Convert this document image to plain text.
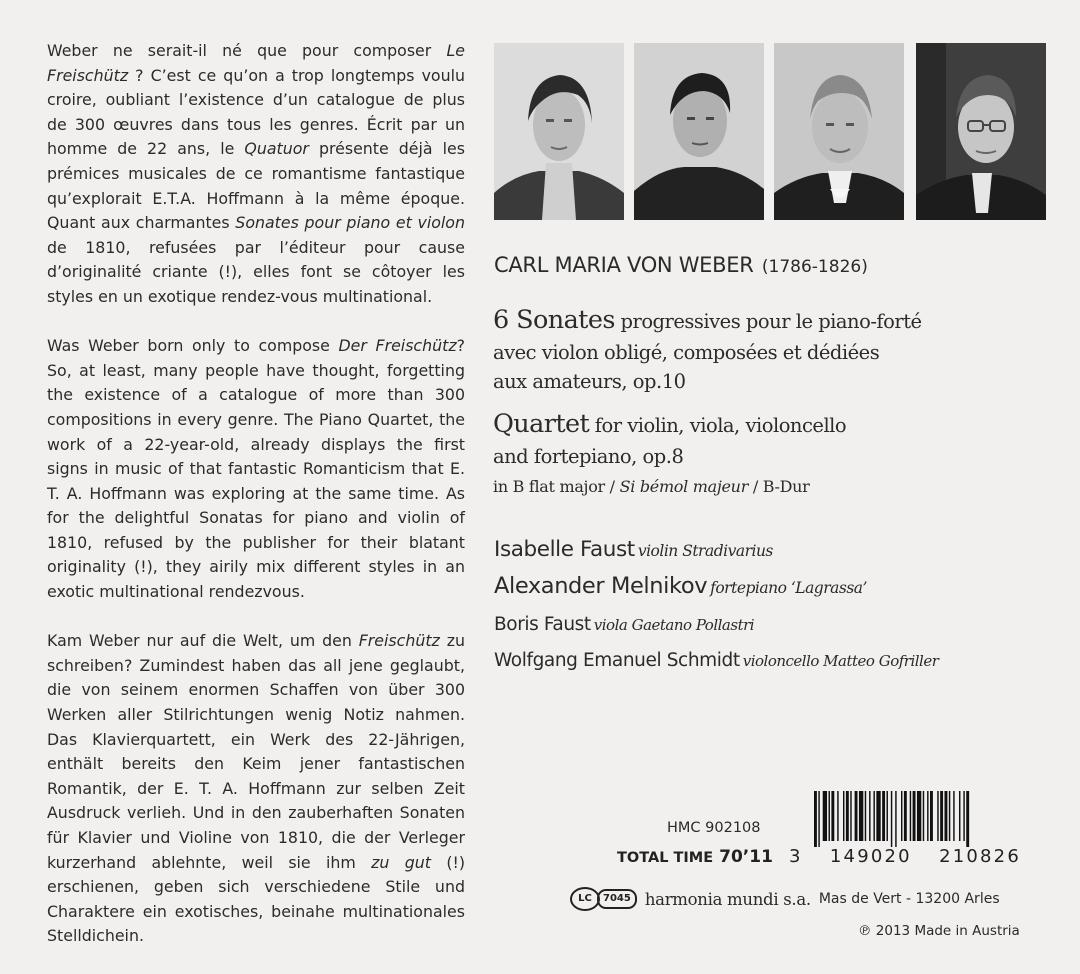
Weber ne serait-il né que pour composer Le Freischütz ? C’est ce qu’on a trop longtemps voulu croire, oubliant l’existence d’un catalogue de plus de 300 œuvres dans tous les genres. Écrit par un homme de 22 ans, le Quatuor présente déjà les prémices musicales de ce romantisme fantastique qu’explorait E.T.A. Hoffmann à la même époque. Quant aux charmantes Sonates pour piano et violon de 1810, refusées par l’éditeur pour cause d’originalité criante (!), elles font se côtoyer les styles en un exotique rendez-vous multinational.

Was Weber born only to compose Der Freischütz? So, at least, many people have thought, forgetting the existence of a catalogue of more than 300 compositions in every genre. The Piano Quartet, the work of a 22-year-old, already displays the first signs in music of that fantastic Romanticism that E. T. A. Hoffmann was exploring at the same time. As for the delightful Sonatas for piano and violin of 1810, refused by the publisher for their blatant originality (!), they airily mix different styles in an exotic multinational rendezvous.

Kam Weber nur auf die Welt, um den Freischütz zu schreiben? Zumindest haben das all jene geglaubt, die von seinem enormen Schaffen von über 300 Werken aller Stilrichtungen wenig Notiz nahmen. Das Klavierquartett, ein Werk des 22-Jährigen, enthält bereits den Keim jener fantastischen Romantik, der E. T. A. Hoffmann zur selben Zeit Ausdruck verlieh. Und in den zauberhaften Sonaten für Klavier und Violine von 1810, die der Verleger kurzerhand ablehnte, weil sie ihm zu gut (!) erschienen, geben sich verschiedene Stile und Charaktere ein exotisches, beinahe multinationales Stelldichein.

CARL MARIA VON WEBER (1786-1826)
6 Sonates progressives pour le piano-forté
avec violon obligé, composées et dédiées
aux amateurs, op.10
Quartet for violin, viola, violoncello
and fortepiano, op.8
in B flat major / Si bémol majeur / B-Dur
Isabelle Faust violin Stradivarius
Alexander Melnikov fortepiano ‘Lagrassa’
Boris Faust viola Gaetano Pollastri
Wolfgang Emanuel Schmidt violoncello Matteo Gofriller
HMC 902108
TOTAL TIME 70’11 3 149020 210826
LC	7045 harmonia mundi s.a. Mas de Vert - 13200 Arles
℗ 2013 Made in Austria
